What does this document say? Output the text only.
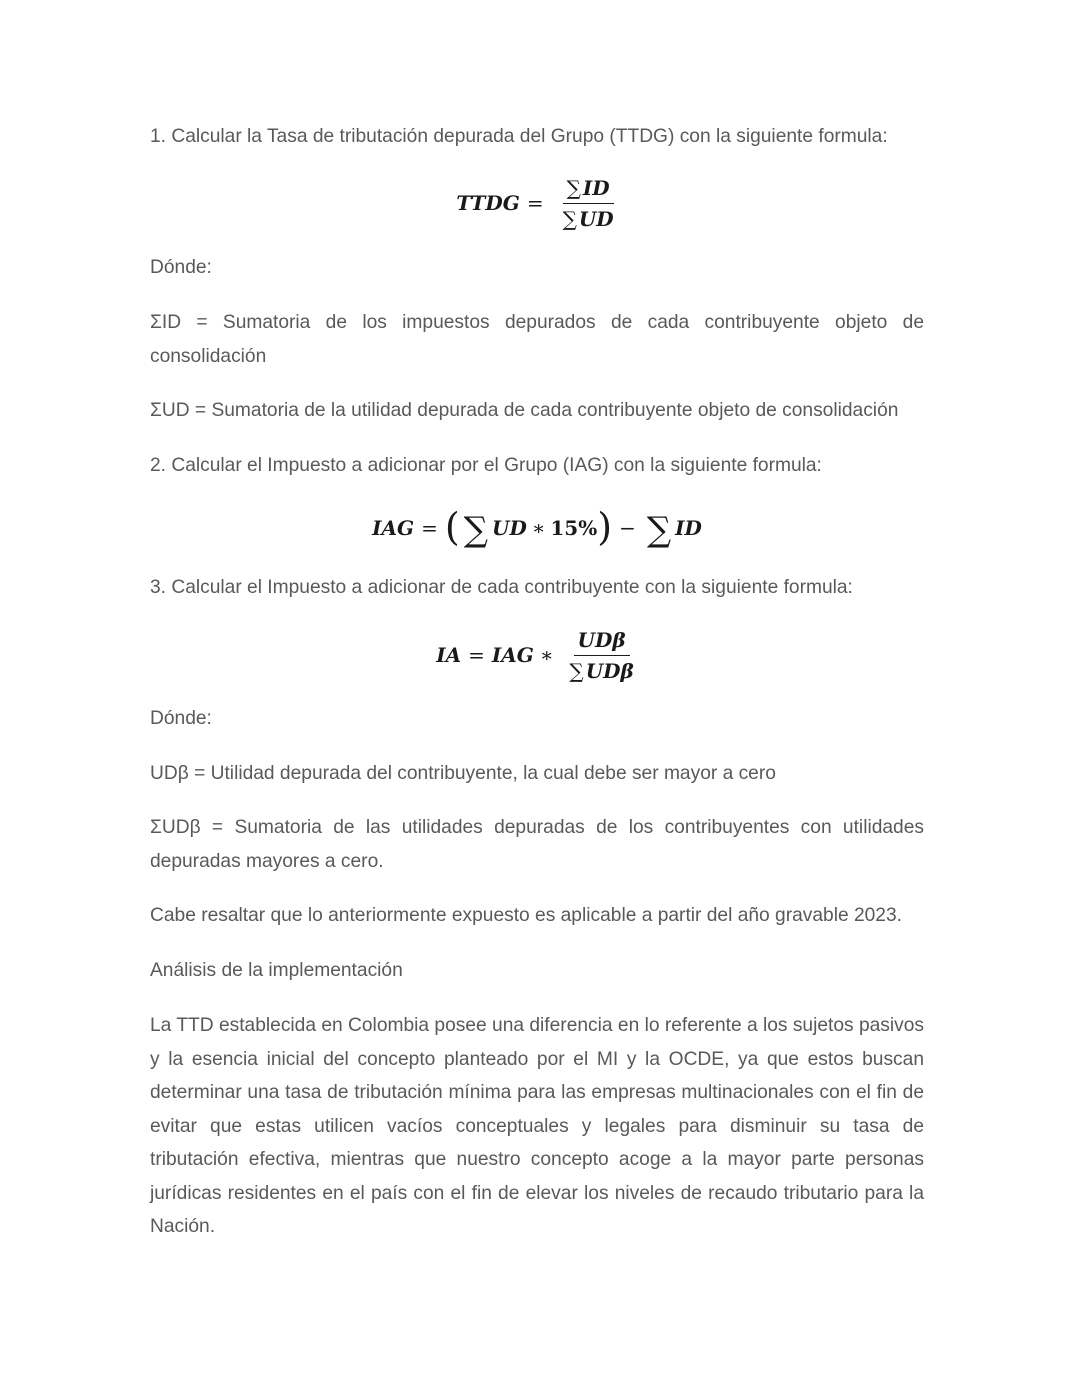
1. Calcular la Tasa de tributación depurada del Grupo (TTDG) con la siguiente formula:

TTDG = $\frac{\sum ID}{\sum UD}$

Dónde:

ΣID = Sumatoria de los impuestos depurados de cada contribuyente objeto de consolidación

ΣUD = Sumatoria de la utilidad depurada de cada contribuyente objeto de consolidación

2. Calcular el Impuesto a adicionar por el Grupo (IAG) con la siguiente formula:

IAG = ( ∑ UD ∗ 15% ) − ∑ ID

3. Calcular el Impuesto a adicionar de cada contribuyente con la siguiente formula:

IA = IAG ∗ $\frac{\text{UDβ}}{\text{∑ UDβ}}$

Dónde:

UDβ = Utilidad depurada del contribuyente, la cual debe ser mayor a cero

ΣUDβ = Sumatoria de las utilidades depuradas de los contribuyentes con utilidades depuradas mayores a cero.

Cabe resaltar que lo anteriormente expuesto es aplicable a partir del año gravable 2023.

Análisis de la implementación

La TTD establecida en Colombia posee una diferencia en lo referente a los sujetos pasivos y la esencia inicial del concepto planteado por el MI y la OCDE, ya que estos buscan determinar una tasa de tributación mínima para las empresas multinacionales con el fin de evitar que estas utilicen vacíos conceptuales y legales para disminuir su tasa de tributación efectiva, mientras que nuestro concepto acoge a la mayor parte personas jurídicas residentes en el país con el fin de elevar los niveles de recaudo tributario para la Nación.
